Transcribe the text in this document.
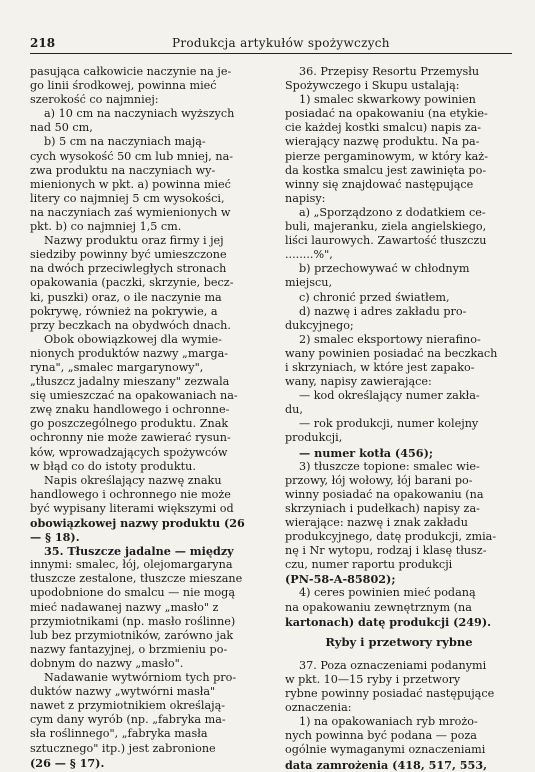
218	Produkcja artykułów spożywczych
pasująca całkowicie naczynie na je-
go linii środkowej, powinna mieć
szerokość co najmniej:
a) 10 cm na naczyniach wyższych
nad 50 cm,
b) 5 cm na naczyniach mają-
cych wysokość 50 cm lub mniej, na-
zwa produktu na naczyniach wy-
mienionych w pkt. a) powinna mieć
litery co najmniej 5 cm wysokości,
na naczyniach zaś wymienionych w
pkt. b) co najmniej 1,5 cm.
Nazwy produktu oraz firmy i jej
siedziby powinny być umieszczone
na dwóch przeciwległych stronach
opakowania (paczki, skrzynie, becz-
ki, puszki) oraz, o ile naczynie ma
pokrywę, również na pokrywie, a
przy beczkach na obydwóch dnach.
Obok obowiązkowej dla wymie-
nionych produktów nazwy „marga-
ryna", „smalec margarynowy",
„tłuszcz jadalny mieszany" zezwala
się umieszczać na opakowaniach na-
zwę znaku handlowego i ochronne-
go poszczególnego produktu. Znak
ochronny nie może zawierać rysun-
ków, wprowadzających spożywców
w błąd co do istoty produktu.
Napis określający nazwę znaku
handlowego i ochronnego nie może
być wypisany literami większymi od
obowiązkowej nazwy produktu (26
— § 18).
35. Tłuszcze jadalne — między
innymi: smalec, łój, olejomargaryna
tłuszcze zestalone, tłuszcze mieszane
upodobnione do smalcu — nie mogą
mieć nadawanej nazwy „masło" z
przymiotnikami (np. masło roślinne)
lub bez przymiotników, zarówno jak
nazwy fantazyjnej, o brzmieniu po-
dobnym do nazwy „masło".
Nadawanie wytwórniom tych pro-
duktów nazwy „wytwórni masła"
nawet z przymiotnikiem określają-
cym dany wyrób (np. „fabryka ma-
sła roślinnego", „fabryka masła
sztucznego" itp.) jest zabronione
(26 — § 17).
36. Przepisy Resortu Przemysłu
Spożywczego i Skupu ustalają:
1) smalec skwarkowy powinien
posiadać na opakowaniu (na etykie-
cie każdej kostki smalcu) napis za-
wierający nazwę produktu. Na pa-
pierze pergaminowym, w który każ-
da kostka smalcu jest zawinięta po-
winny się znajdować następujące
napisy:
a) „Sporządzono z dodatkiem ce-
buli, majeranku, ziela angielskiego,
liści laurowych. Zawartość tłuszczu
........%",
b) przechowywać w chłodnym
miejscu,
c) chronić przed światłem,
d) nazwę i adres zakładu pro-
dukcyjnego;
2) smalec eksportowy nierafino-
wany powinien posiadać na beczkach
i skrzyniach, w które jest zapako-
wany, napisy zawierające:
— kod określający numer zakła-
du,
— rok produkcji, numer kolejny
produkcji,
— numer kotła (456);
3) tłuszcze topione: smalec wie-
przowy, łój wołowy, łój barani po-
winny posiadać na opakowaniu (na
skrzyniach i pudełkach) napisy za-
wierające: nazwę i znak zakładu
produkcyjnego, datę produkcji, zmia-
nę i Nr wytopu, rodzaj i klasę tłusz-
czu, numer raportu produkcji
(PN-58-A-85802);
4) ceres powinien mieć podaną
na opakowaniu zewnętrznym (na
kartonach) datę produkcji (249).
Ryby i przetwory rybne
37. Poza oznaczeniami podanymi
w pkt. 10—15 ryby i przetwory
rybne powinny posiadać następujące
oznaczenia:
1) na opakowaniach ryb mrożo-
nych powinna być podana — poza
ogólnie wymaganymi oznaczeniami
data zamrożenia (418, 517, 553,
